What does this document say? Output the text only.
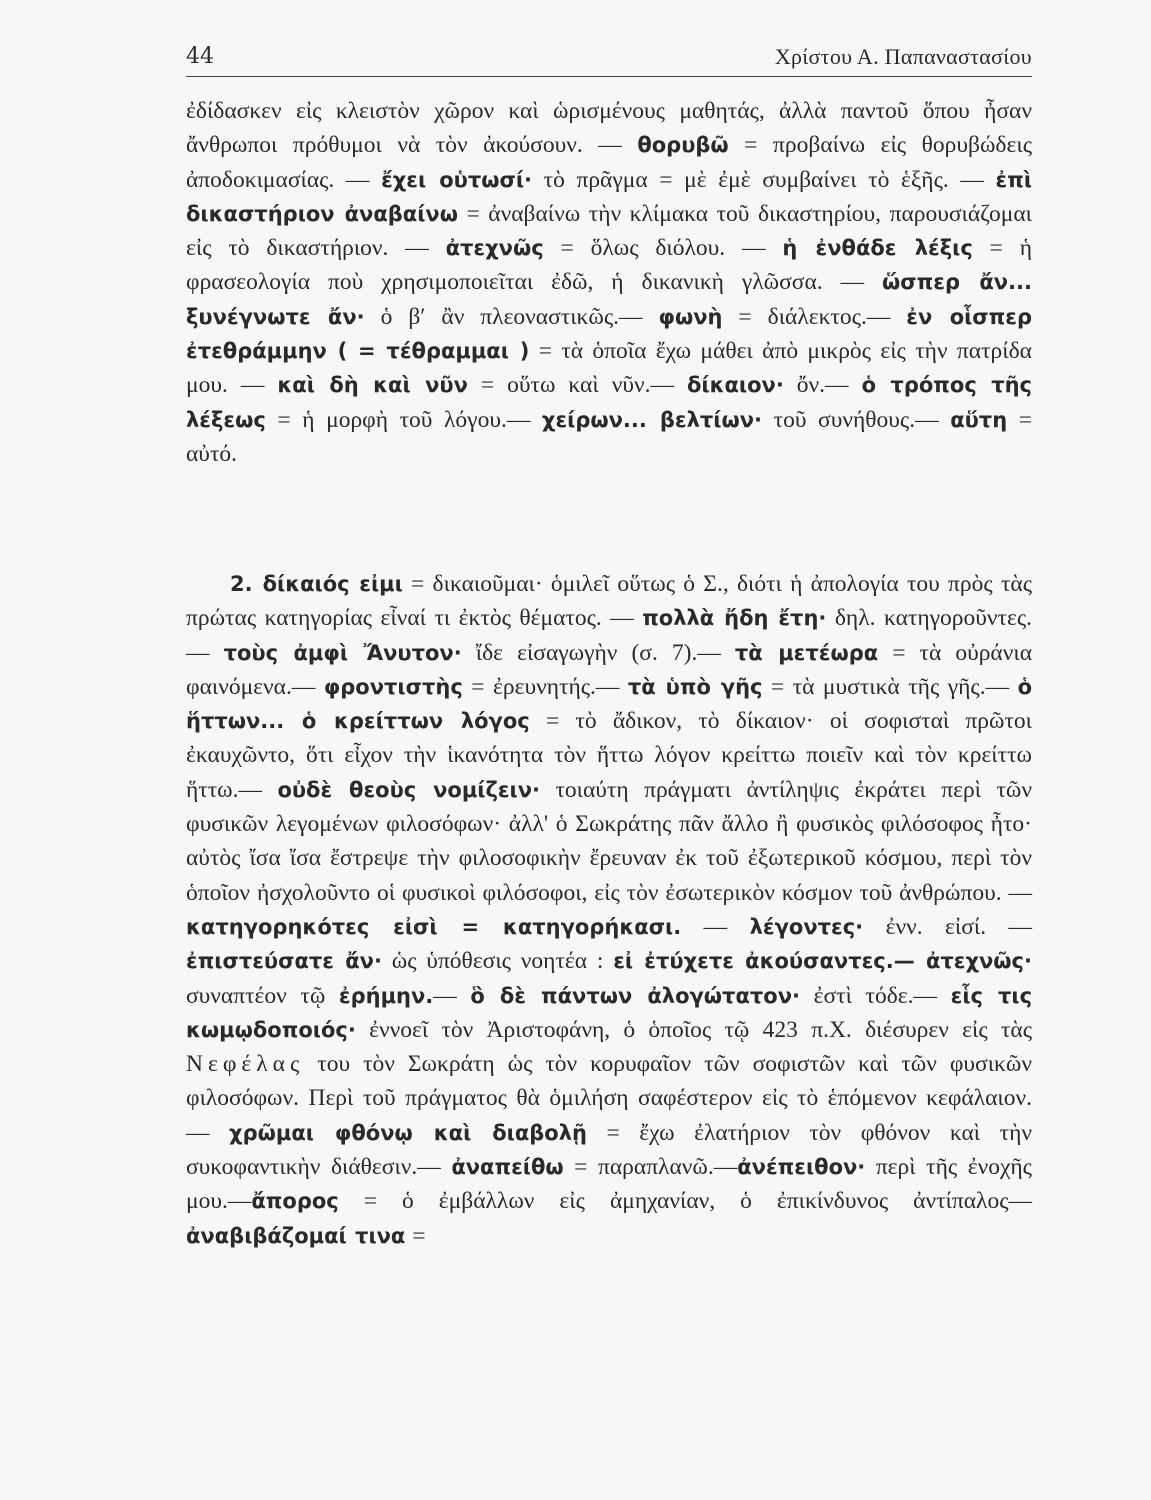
44	Χρίστου Α. Παπαναστασίου

ἐδίδασκεν εἰς κλειστὸν χῶρον καὶ ὡρισμένους μαθητάς, ἀλλὰ παντοῦ ὅπου ἦσαν ἄνθρωποι πρόθυμοι νὰ τὸν ἀκούσουν. — θορυβῶ = προβαίνω εἰς θορυβώδεις ἀποδοκιμασίας. — ἔχει οὑτωσί· τὸ πρᾶγμα = μὲ ἐμὲ συμβαίνει τὸ ἑξῆς. — ἐπὶ δικαστήριον ἀναβαίνω = ἀναβαίνω τὴν κλίμακα τοῦ δικαστηρίου, παρουσιάζομαι εἰς τὸ δικαστήριον. — ἀτεχνῶς = ὅλως διόλου. — ἡ ἐνθάδε λέξις = ἡ φρασεολογία ποὺ χρησιμοποιεῖται ἐδῶ, ἡ δικανικὴ γλῶσσα. — ὥσπερ ἄν... ξυνέγνωτε ἄν· ὁ β′ ἂν πλεοναστικῶς.— φωνὴ = διάλεκτος.— ἐν οἷσπερ ἐτεθράμμην ( = τέθραμμαι ) = τὰ ὁποῖα ἔχω μάθει ἀπὸ μικρὸς εἰς τὴν πατρίδα μου. — καὶ δὴ καὶ νῦν = οὕτω καὶ νῦν.— δίκαιον· ὄν.— ὁ τρόπος τῆς λέξεως = ἡ μορφὴ τοῦ λόγου.— χείρων... βελτίων· τοῦ συνήθους.— αὕτη = αὐτό.

2. δίκαιός εἰμι = δικαιοῦμαι· ὁμιλεῖ οὕτως ὁ Σ., διότι ἡ ἀπολογία του πρὸς τὰς πρώτας κατηγορίας εἶναί τι ἐκτὸς θέματος. — πολλὰ ἤδη ἔτη· δηλ. κατηγοροῦντες.— τοὺς ἀμφὶ Ἄνυτον· ἴδε εἰσαγωγὴν (σ. 7).— τὰ μετέωρα = τὰ οὐράνια φαινόμενα.— φροντιστὴς = ἐρευνητής.— τὰ ὑπὸ γῆς = τὰ μυστικὰ τῆς γῆς.— ὁ ἥττων... ὁ κρείττων λόγος = τὸ ἄδικον, τὸ δίκαιον· οἱ σοφισταὶ πρῶτοι ἐκαυχῶντο, ὅτι εἶχον τὴν ἱκανότητα τὸν ἥττω λόγον κρείττω ποιεῖν καὶ τὸν κρείττω ἥττω.— οὐδὲ θεοὺς νομίζειν· τοιαύτη πράγματι ἀντίληψις ἐκράτει περὶ τῶν φυσικῶν λεγομένων φιλοσόφων· ἀλλ' ὁ Σωκράτης πᾶν ἄλλο ἢ φυσικὸς φιλόσοφος ἦτο· αὐτὸς ἴσα ἴσα ἔστρεψε τὴν φιλοσοφικὴν ἔρευναν ἐκ τοῦ ἐξωτερικοῦ κόσμου, περὶ τὸν ὁποῖον ἠσχολοῦντο οἱ φυσικοὶ φιλόσοφοι, εἰς τὸν ἐσωτερικὸν κόσμον τοῦ ἀνθρώπου. — κατηγορηκότες εἰσὶ = κατηγορήκασι. — λέγοντες· ἐνν. εἰσί. — ἐπιστεύσατε ἄν· ὡς ὑπόθεσις νοητέα : εἰ ἐτύχετε ἀκούσαντες.— ἀτεχνῶς· συναπτέον τῷ ἐρήμην.— ὃ δὲ πάντων ἀλογώτατον· ἐστὶ τόδε.— εἷς τις κωμῳδοποιός· ἐννοεῖ τὸν Ἀριστοφάνη, ὁ ὁποῖος τῷ 423 π.Χ. διέσυρεν εἰς τὰς Νεφέλας του τὸν Σωκράτη ὡς τὸν κορυφαῖον τῶν σοφιστῶν καὶ τῶν φυσικῶν φιλοσόφων. Περὶ τοῦ πράγματος θὰ ὁμιλήση σαφέστερον εἰς τὸ ἑπόμενον κεφάλαιον. — χρῶμαι φθόνῳ καὶ διαβολῇ = ἔχω ἐλατήριον τὸν φθόνον καὶ τὴν συκοφαντικὴν διάθεσιν.— ἀναπείθω = παραπλανῶ.—ἀνέπειθον· περὶ τῆς ἐνοχῆς μου.—ἄπορος = ὁ ἐμβάλλων εἰς ἀμηχανίαν, ὁ ἐπικίνδυνος ἀντίπαλος— ἀναβιβάζομαί τινα =
